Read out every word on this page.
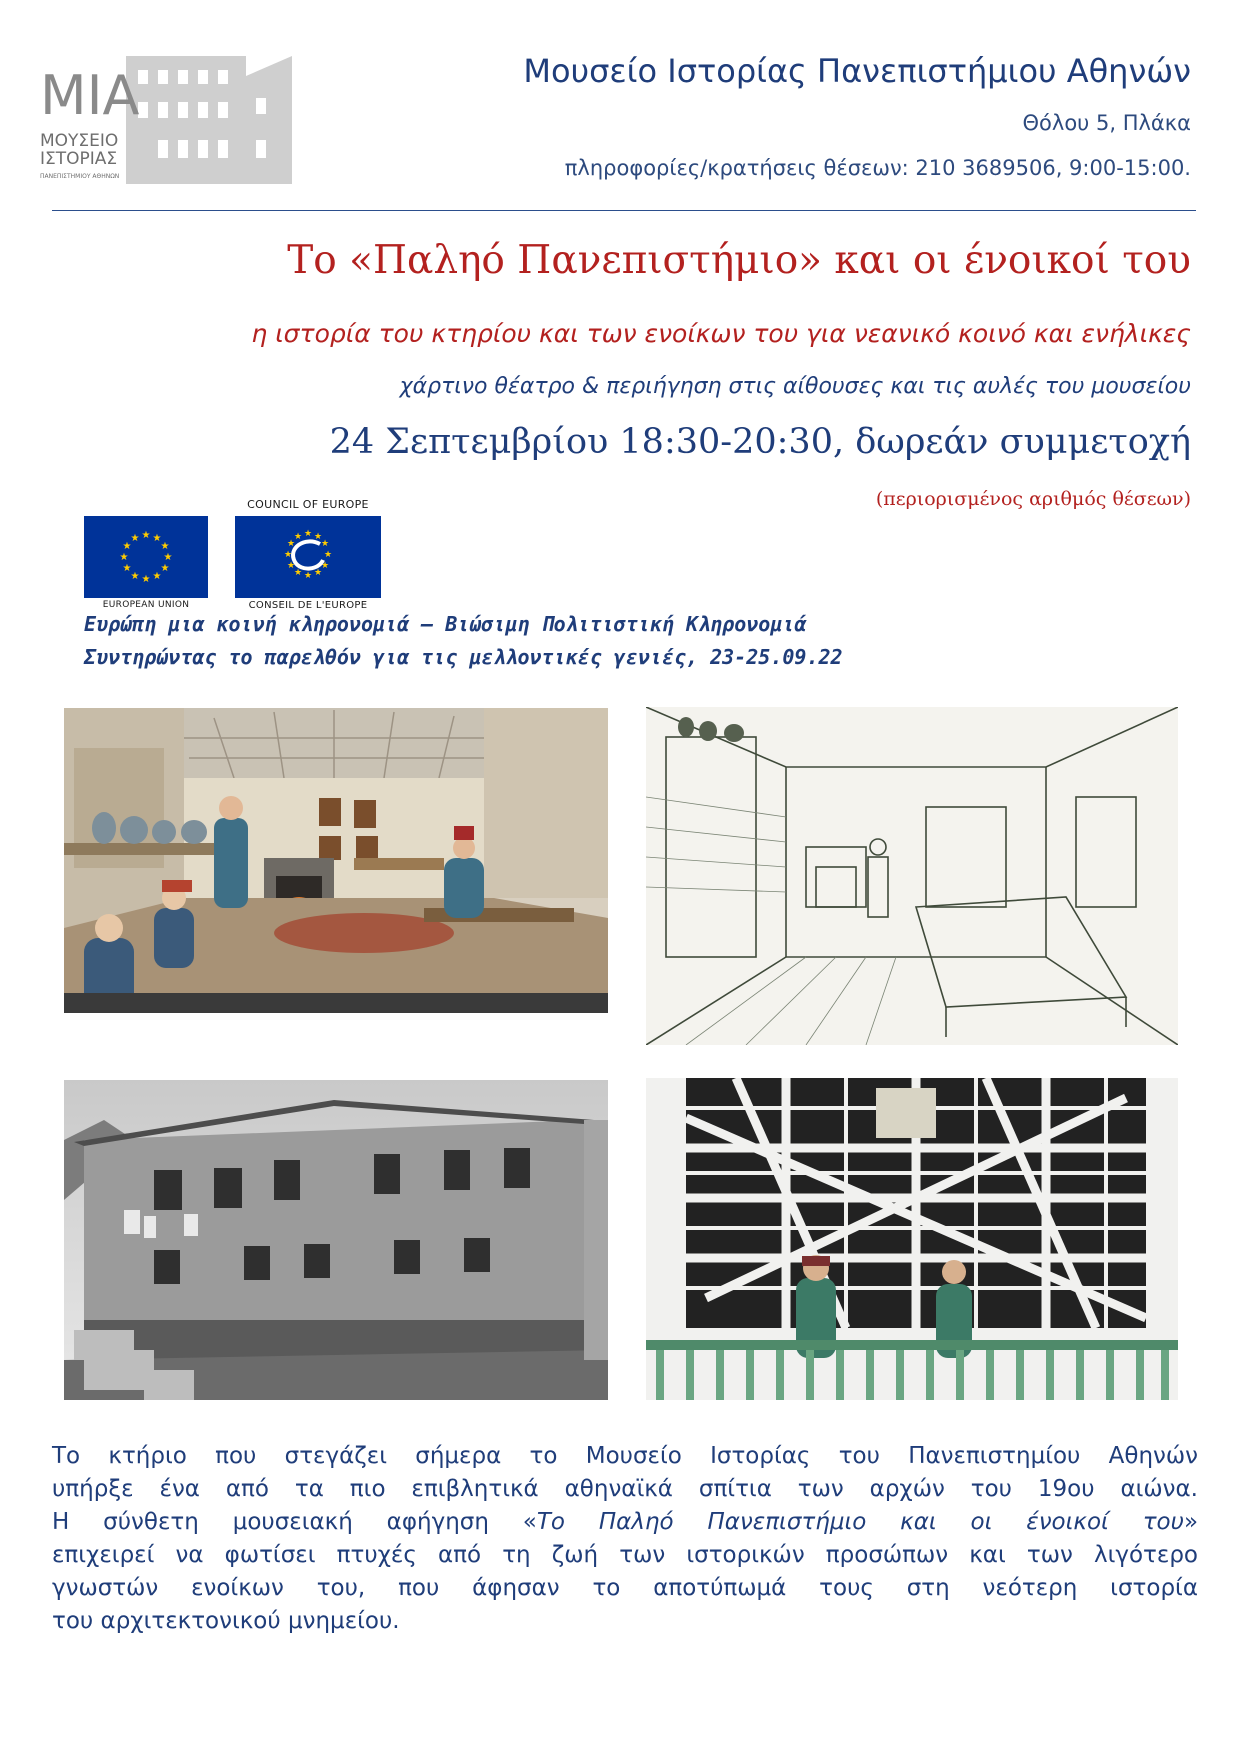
ΜΙΑ
ΜΟΥΣΕΙΟ
ΙΣΤΟΡΙΑΣ
ΠΑΝΕΠΙΣΤΗΜΙΟΥ ΑΘΗΝΩΝ
Μουσείο Ιστορίας Πανεπιστήμιου Αθηνών
Θόλου 5, Πλάκα
πληροφορίες/κρατήσεις θέσεων: 210 3689506, 9:00-15:00.
Το «Παληό Πανεπιστήμιο» και οι ένοικοί του
η ιστορία του κτηρίου και των ενοίκων του για νεανικό κοινό και ενήλικες
χάρτινο θέατρο & περιήγηση στις αίθουσες και τις αυλές του μουσείου
24 Σεπτεμβρίου 18:30-20:30, δωρεάν συμμετοχή
(περιορισμένος αριθμός θέσεων)
★ ★
★
★
★
★
★
★
★
★
★
★
EUROPEAN UNION
COUNCIL OF EUROPE
★ ★
★
★
★
★
★
★
★
★
★
★
CONSEIL DE L'EUROPE
Ευρώπη μια κοινή κληρονομιά – Βιώσιμη Πολιτιστική Κληρονομιά
Συντηρώντας το παρελθόν για τις μελλοντικές γενιές, 23-25.09.22
Το κτήριο που στεγάζει σήμερα το Μουσείο Ιστορίας του Πανεπιστημίου Αθηνών
υπήρξε ένα από τα πιο επιβλητικά αθηναϊκά σπίτια των αρχών του 19ου αιώνα.
Η σύνθετη μουσειακή αφήγηση «Το Παληό Πανεπιστήμιο και οι ένοικοί του»
επιχειρεί να φωτίσει πτυχές από τη ζωή των ιστορικών προσώπων και των λιγότερο
γνωστών ενοίκων του, που άφησαν το αποτύπωμά τους στη νεότερη ιστορία
του αρχιτεκτονικού μνημείου.
